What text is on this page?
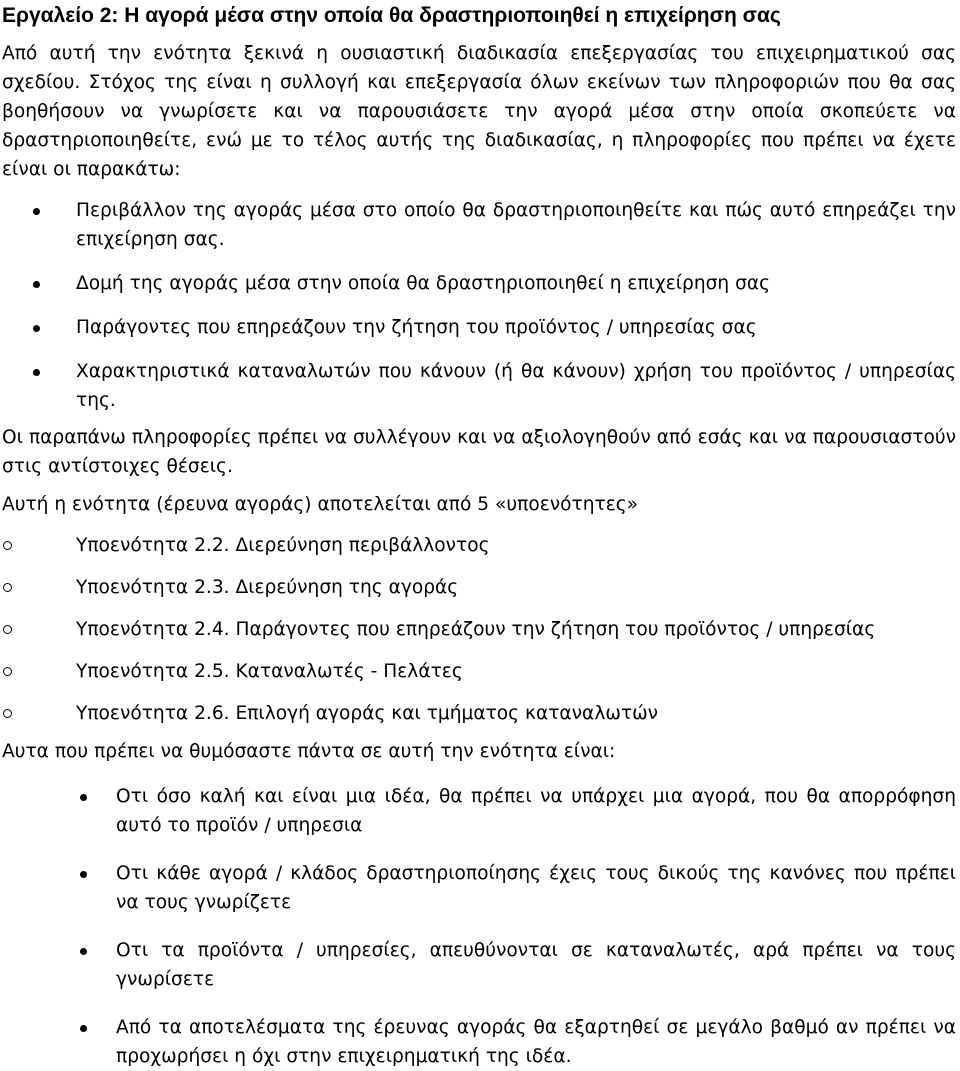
Εργαλείο 2: Η αγορά μέσα στην οποία θα δραστηριοποιηθεί η επιχείρηση σας

Από αυτή την ενότητα ξεκινά η ουσιαστική διαδικασία επεξεργασίας του επιχειρηματικού σας σχεδίου. Στόχος της είναι η συλλογή και επεξεργασία όλων εκείνων των πληροφοριών που θα σας βοηθήσουν να γνωρίσετε και να παρουσιάσετε την αγορά μέσα στην οποία σκοπεύετε να δραστηριοποιηθείτε, ενώ με το τέλος αυτής της διαδικασίας, η πληροφορίες που πρέπει να έχετε είναι οι παρακάτω:

Περιβάλλον της αγοράς μέσα στο οποίο θα δραστηριοποιηθείτε και πώς αυτό επηρεάζει την επιχείρηση σας.
Δομή της αγοράς μέσα στην οποία θα δραστηριοποιηθεί η επιχείρηση σας
Παράγοντες που επηρεάζουν την ζήτηση του προϊόντος / υπηρεσίας σας
Χαρακτηριστικά καταναλωτών που κάνουν (ή θα κάνουν) χρήση του προϊόντος / υπηρεσίας της.

Οι παραπάνω πληροφορίες πρέπει να συλλέγουν και να αξιολογηθούν από εσάς και να παρουσιαστούν στις αντίστοιχες θέσεις.

Αυτή η ενότητα (έρευνα αγοράς) αποτελείται από 5 «υποενότητες»

Υποενότητα 2.2. Διερεύνηση περιβάλλοντος
Υποενότητα 2.3. Διερεύνηση της αγοράς
Υποενότητα 2.4. Παράγοντες που επηρεάζουν την ζήτηση του προϊόντος / υπηρεσίας
Υποενότητα 2.5. Καταναλωτές - Πελάτες
Υποενότητα 2.6. Επιλογή αγοράς και τμήματος καταναλωτών

Αυτα που πρέπει να θυμόσαστε πάντα σε αυτή την ενότητα είναι:

Οτι όσο καλή και είναι μια ιδέα, θα πρέπει να υπάρχει μια αγορά, που θα απορρόφηση αυτό το προϊόν / υπηρεσια
Οτι κάθε αγορά / κλάδος δραστηριοποίησης έχεις τους δικούς της κανόνες που πρέπει να τους γνωρίζετε
Οτι τα προϊόντα / υπηρεσίες, απευθύνονται σε καταναλωτές, αρά πρέπει να τους γνωρίσετε
Από τα αποτελέσματα της έρευνας αγοράς θα εξαρτηθεί σε μεγάλο βαθμό αν πρέπει να προχωρήσει η όχι στην επιχειρηματική της ιδέα.
